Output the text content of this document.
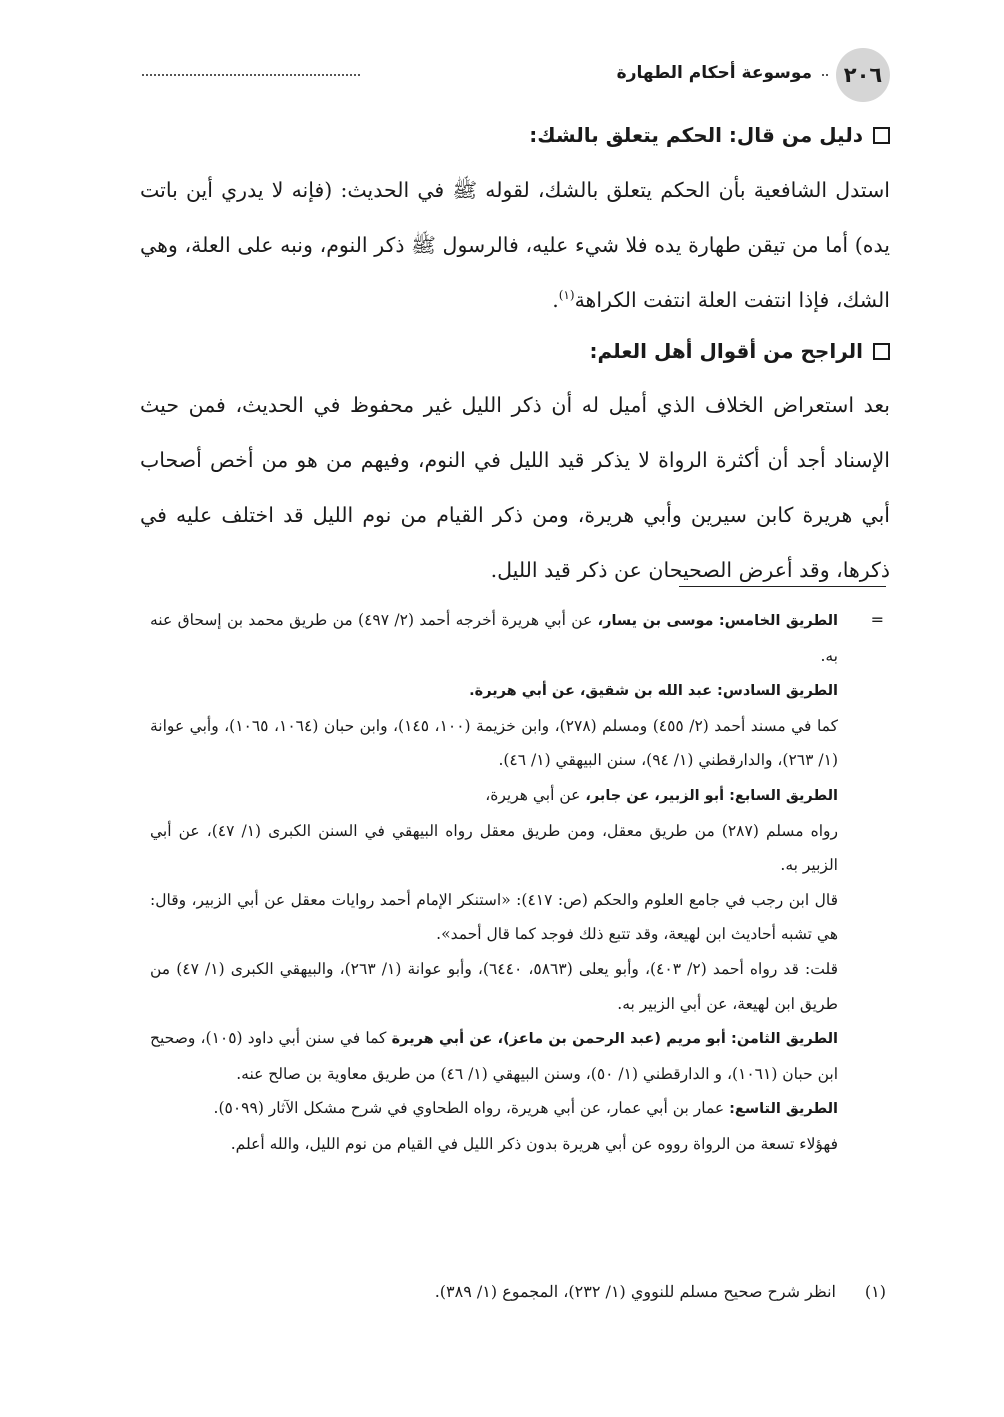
٢٠٦
موسوعة أحكام الطهارة

دليل من قال: الحكم يتعلق بالشك:

استدل الشافعية بأن الحكم يتعلق بالشك، لقوله ﷺ في الحديث: (فإنه لا يدري أين باتت يده) أما من تيقن طهارة يده فلا شيء عليه، فالرسول ﷺ ذكر النوم، ونبه على العلة، وهي الشك، فإذا انتفت العلة انتفت الكراهة$^{(١)}$.

الراجح من أقوال أهل العلم:

بعد استعراض الخلاف الذي أميل له أن ذكر الليل غير محفوظ في الحديث، فمن حيث الإسناد أجد أن أكثرة الرواة لا يذكر قيد الليل في النوم، وفيهم من هو من أخص أصحاب أبي هريرة كابن سيرين وأبي هريرة، ومن ذكر القيام من نوم الليل قد اختلف عليه في ذكرها، وقد أعرض الصحيحان عن ذكر قيد الليل.

=

الطريق الخامس: موسى بن يسار، عن أبي هريرة أخرجه أحمد (٢/ ٤٩٧) من طريق محمد بن إسحاق عنه به.

الطريق السادس: عبد الله بن شقيق، عن أبي هريرة.

كما في مسند أحمد (٢/ ٤٥٥) ومسلم (٢٧٨)، وابن خزيمة (١٠٠، ١٤٥)، وابن حبان (١٠٦٤، ١٠٦٥)، وأبي عوانة (١/ ٢٦٣)، والدارقطني (١/ ٩٤)، سنن البيهقي (١/ ٤٦).

الطريق السابع: أبو الزبير، عن جابر، عن أبي هريرة،

رواه مسلم (٢٨٧) من طريق معقل، ومن طريق معقل رواه البيهقي في السنن الكبرى (١/ ٤٧)، عن أبي الزبير به.

قال ابن رجب في جامع العلوم والحكم (ص: ٤١٧): «استنكر الإمام أحمد روايات معقل عن أبي الزبير، وقال: هي تشبه أحاديث ابن لهيعة، وقد تتبع ذلك فوجد كما قال أحمد».

قلت: قد رواه أحمد (٢/ ٤٠٣)، وأبو يعلى (٥٨٦٣، ٦٤٤٠)، وأبو عوانة (١/ ٢٦٣)، والبيهقي الكبرى (١/ ٤٧) من طريق ابن لهيعة، عن أبي الزبير به.

الطريق الثامن: أبو مريم (عبد الرحمن بن ماعز)، عن أبي هريرة كما في سنن أبي داود (١٠٥)، وصحيح ابن حبان (١٠٦١)، و الدارقطني (١/ ٥٠)، وسنن البيهقي (١/ ٤٦) من طريق معاوية بن صالح عنه.

الطريق التاسع: عمار بن أبي عمار، عن أبي هريرة، رواه الطحاوي في شرح مشكل الآثار (٥٠٩٩).

فهؤلاء تسعة من الرواة رووه عن أبي هريرة بدون ذكر الليل في القيام من نوم الليل، والله أعلم.

(١)
انظر شرح صحيح مسلم للنووي (١/ ٢٣٢)، المجموع (١/ ٣٨٩).
